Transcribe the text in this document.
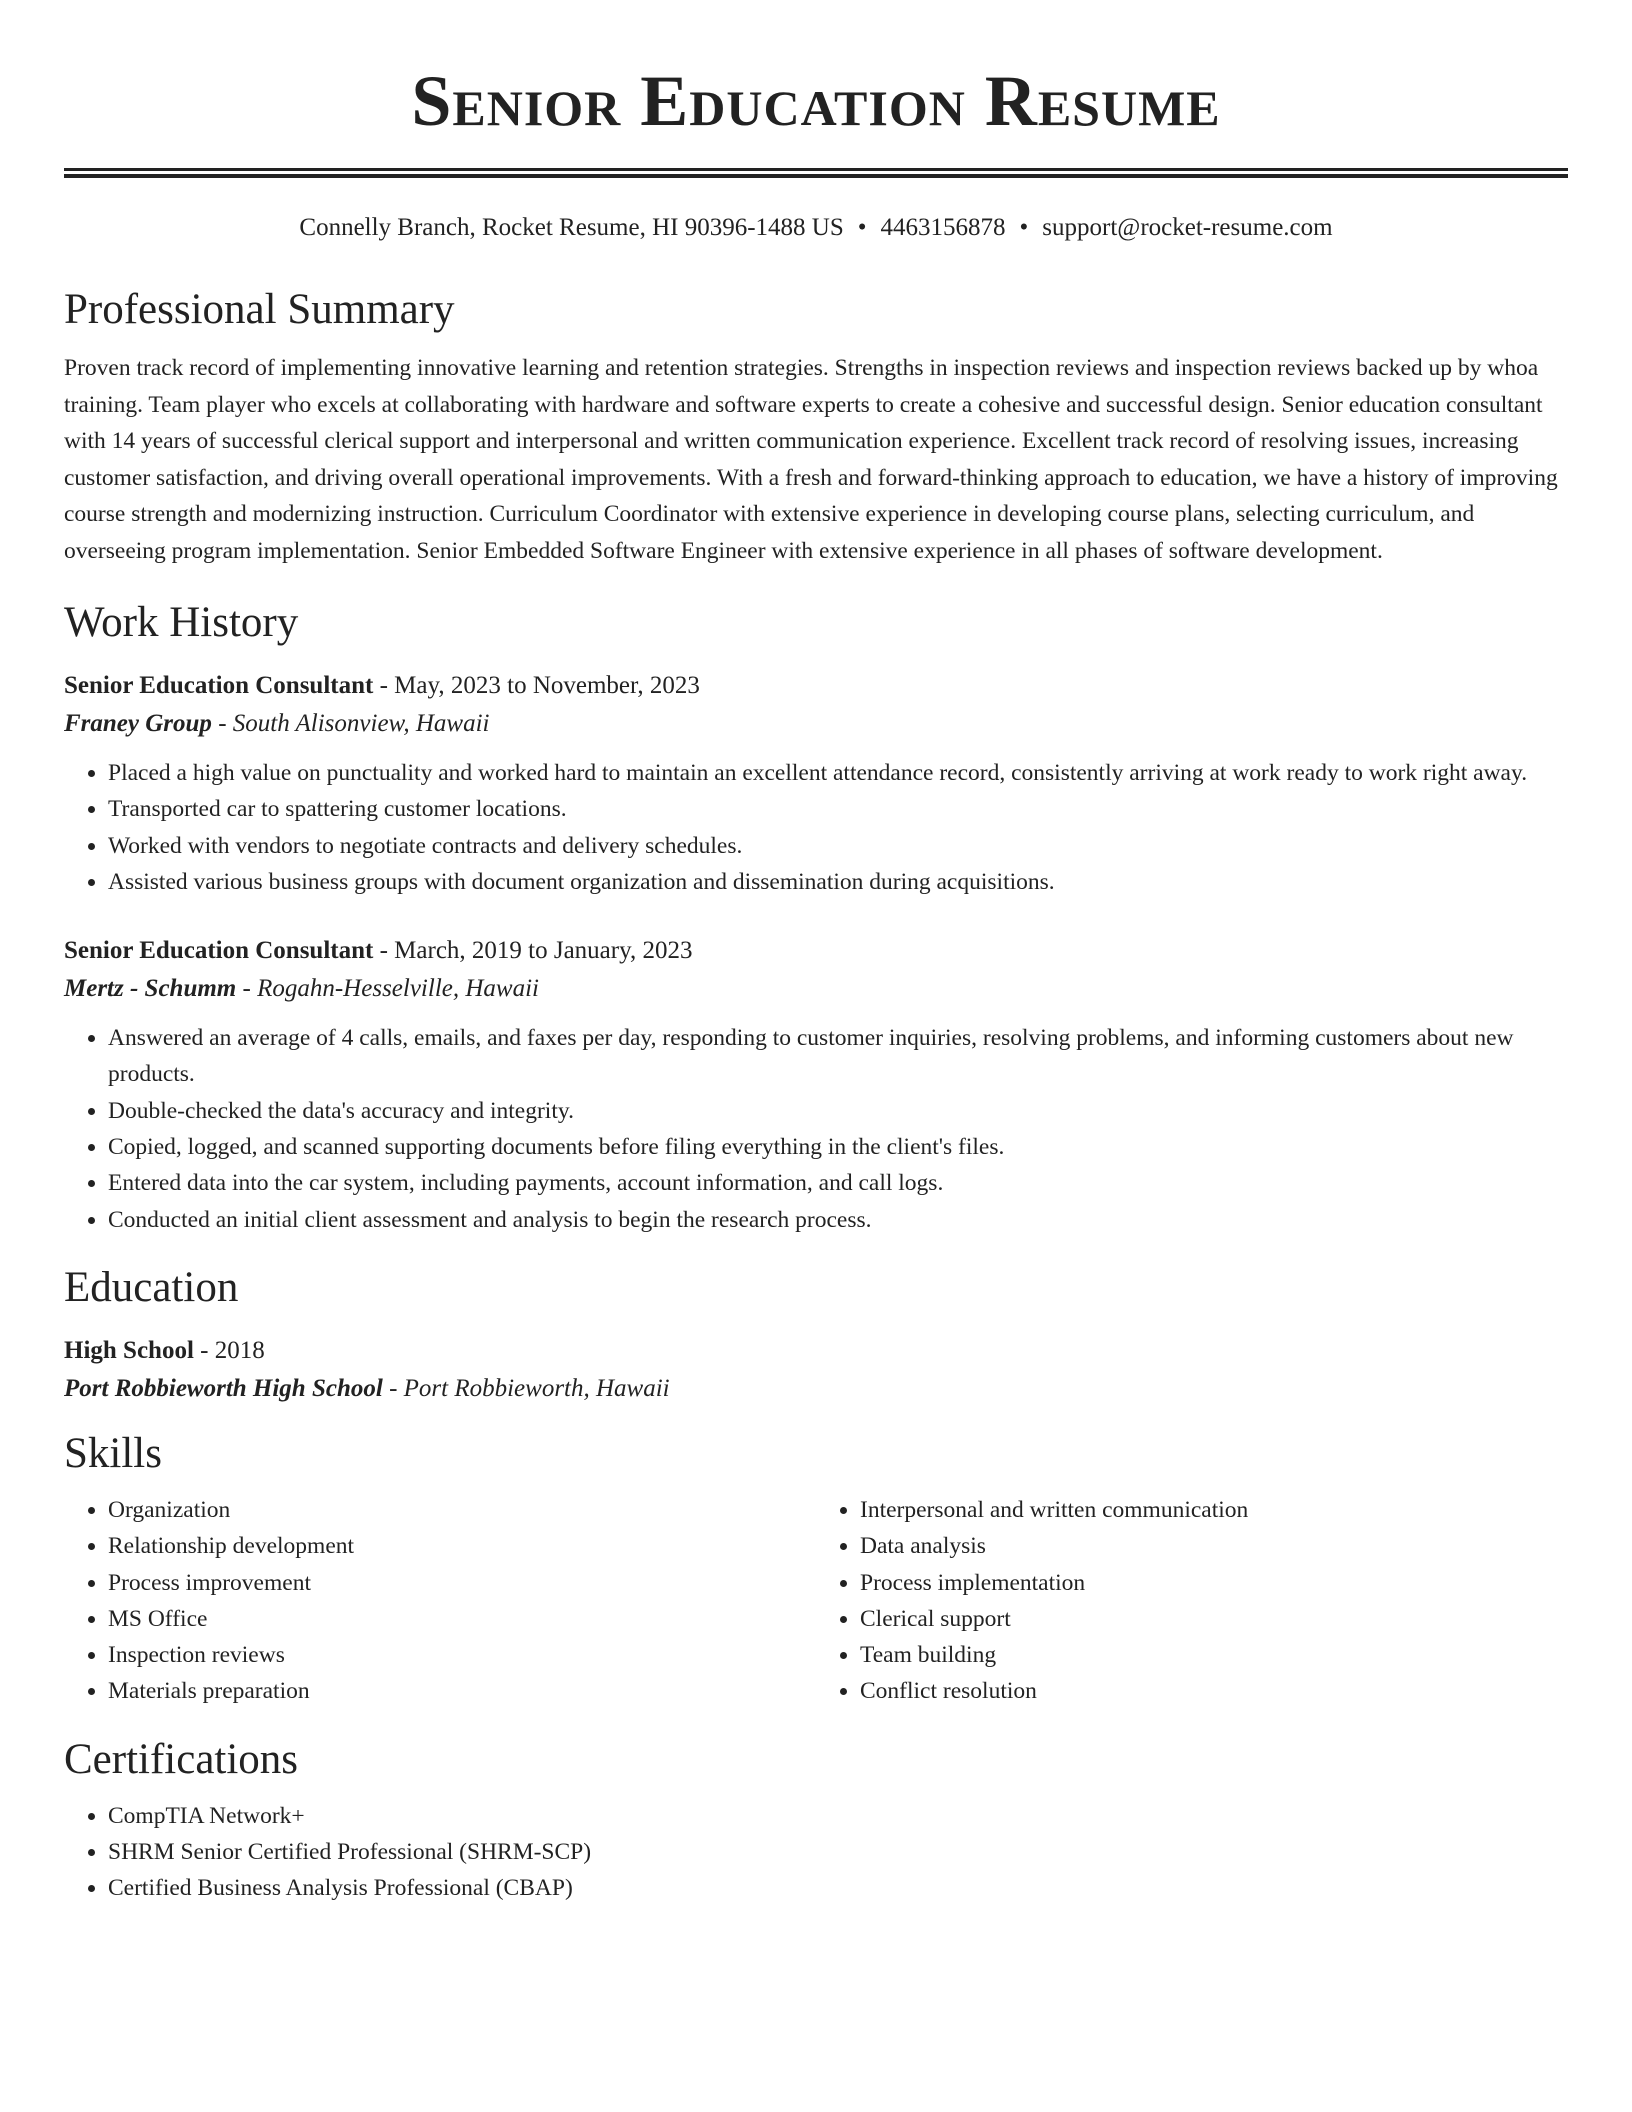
Senior Education Resume
Connelly Branch, Rocket Resume, HI 90396-1488 US • 4463156878 • support@rocket-resume.com
Professional Summary

Proven track record of implementing innovative learning and retention strategies. Strengths in inspection reviews and inspection reviews backed up by whoa training. Team player who excels at collaborating with hardware and software experts to create a cohesive and successful design. Senior education consultant with 14 years of successful clerical support and interpersonal and written communication experience. Excellent track record of resolving issues, increasing customer satisfaction, and driving overall operational improvements. With a fresh and forward-thinking approach to education, we have a history of improving course strength and modernizing instruction. Curriculum Coordinator with extensive experience in developing course plans, selecting curriculum, and overseeing program implementation. Senior Embedded Software Engineer with extensive experience in all phases of software development.

Work History
Senior Education Consultant - May, 2023 to November, 2023
Franey Group - South Alisonview, Hawaii
• Placed a high value on punctuality and worked hard to maintain an excellent attendance record, consistently arriving at work ready to work right away.
• Transported car to spattering customer locations.
• Worked with vendors to negotiate contracts and delivery schedules.
• Assisted various business groups with document organization and dissemination during acquisitions.
Senior Education Consultant - March, 2019 to January, 2023
Mertz - Schumm - Rogahn-Hesselville, Hawaii
• Answered an average of 4 calls, emails, and faxes per day, responding to customer inquiries, resolving problems, and informing customers about new products.
• Double-checked the data's accuracy and integrity.
• Copied, logged, and scanned supporting documents before filing everything in the client's files.
• Entered data into the car system, including payments, account information, and call logs.
• Conducted an initial client assessment and analysis to begin the research process.
Education
High School - 2018
Port Robbieworth High School - Port Robbieworth, Hawaii
Skills
• Organization
• Relationship development
• Process improvement
• MS Office
• Inspection reviews
• Materials preparation
• Interpersonal and written communication
• Data analysis
• Process implementation
• Clerical support
• Team building
• Conflict resolution
Certifications
• CompTIA Network+
• SHRM Senior Certified Professional (SHRM-SCP)
• Certified Business Analysis Professional (CBAP)
